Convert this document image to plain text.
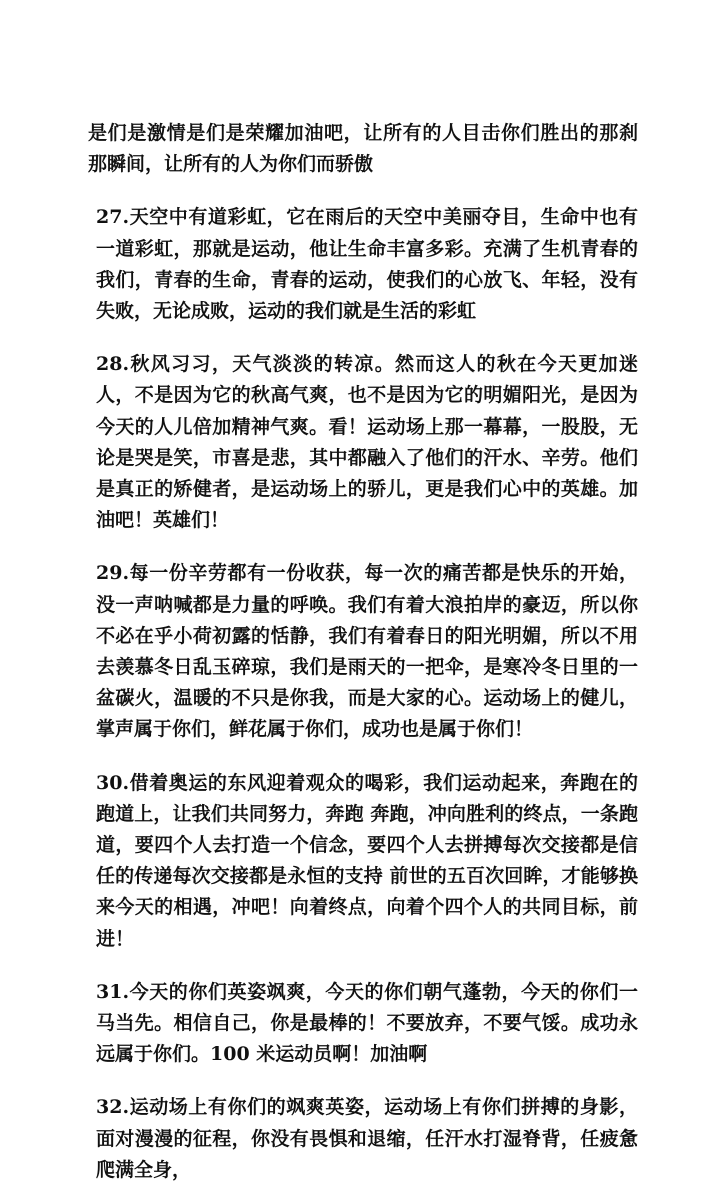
是们是激情是们是荣耀加油吧，让所有的人目击你们胜出的那刹那瞬间，让所有的人为你们而骄傲

27.天空中有道彩虹，它在雨后的天空中美丽夺目，生命中也有一道彩虹，那就是运动，他让生命丰富多彩。充满了生机青春的我们，青春的生命，青春的运动，使我们的心放飞、年轻，没有失败，无论成败，运动的我们就是生活的彩虹

28.秋风习习，天气淡淡的转凉。然而这人的秋在今天更加迷人，不是因为它的秋高气爽，也不是因为它的明媚阳光，是因为今天的人儿倍加精神气爽。看！运动场上那一幕幕，一股股，无论是哭是笑，市喜是悲，其中都融入了他们的汗水、辛劳。他们是真正的矫健者，是运动场上的骄儿，更是我们心中的英雄。加油吧！英雄们！

29.每一份辛劳都有一份收获，每一次的痛苦都是快乐的开始，没一声呐喊都是力量的呼唤。我们有着大浪拍岸的豪迈，所以你不必在乎小荷初露的恬静，我们有着春日的阳光明媚，所以不用去羡慕冬日乱玉碎琼，我们是雨天的一把伞，是寒冷冬日里的一盆碳火，温暖的不只是你我，而是大家的心。运动场上的健儿，掌声属于你们，鲜花属于你们，成功也是属于你们！

30.借着奥运的东风迎着观众的喝彩，我们运动起来，奔跑在的跑道上，让我们共同努力，奔跑 奔跑，冲向胜利的终点，一条跑道，要四个人去打造一个信念，要四个人去拼搏每次交接都是信任的传递每次交接都是永恒的支持 前世的五百次回眸，才能够换来今天的相遇，冲吧！向着终点，向着个四个人的共同目标，前进！

31.今天的你们英姿飒爽，今天的你们朝气蓬勃，今天的你们一马当先。相信自己，你是最棒的！不要放弃，不要气馁。成功永远属于你们。100 米运动员啊！加油啊

32.运动场上有你们的飒爽英姿，运动场上有你们拼搏的身影，面对漫漫的征程，你没有畏惧和退缩，任汗水打湿脊背，任疲惫爬满全身，
